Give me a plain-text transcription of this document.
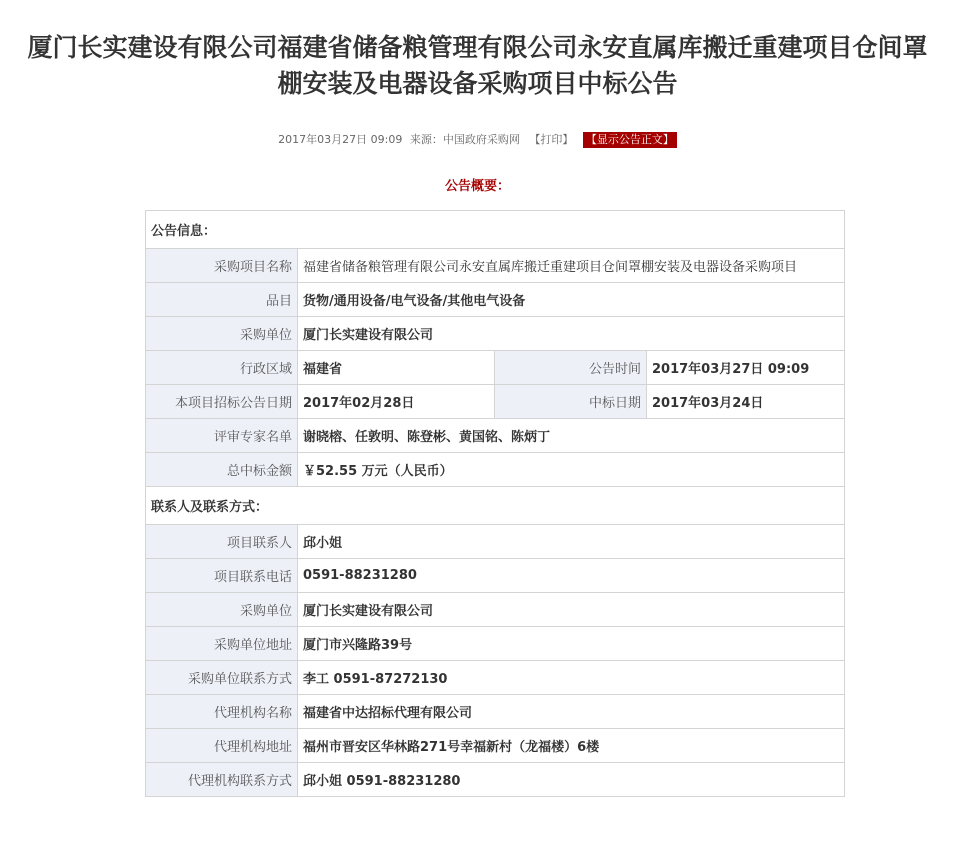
厦门长实建设有限公司福建省储备粮管理有限公司永安直属库搬迁重建项目仓间罩
棚安装及电器设备采购项目中标公告
2017年03月27日 09:09 来源：中国政府采购网 【打印】 【显示公告正文】
公告概要：
公告信息：			
采购项目名称	福建省储备粮管理有限公司永安直属库搬迁重建项目仓间罩棚安装及电器设备采购项目		
品目	货物/通用设备/电气设备/其他电气设备		
采购单位	厦门长实建设有限公司		
行政区域	福建省	公告时间	2017年03月27日 09:09
本项目招标公告日期	2017年02月28日	中标日期	2017年03月24日
评审专家名单	谢晓榕、任敦明、陈登彬、黄国铭、陈炳丁		
总中标金额	￥52.55 万元（人民币）		
联系人及联系方式：			
项目联系人	邱小姐		
项目联系电话	0591-88231280		
采购单位	厦门长实建设有限公司		
采购单位地址	厦门市兴隆路39号		
采购单位联系方式	李工 0591-87272130		
代理机构名称	福建省中达招标代理有限公司		
代理机构地址	福州市晋安区华林路271号幸福新村（龙福楼）6楼		
代理机构联系方式	邱小姐 0591-88231280		
